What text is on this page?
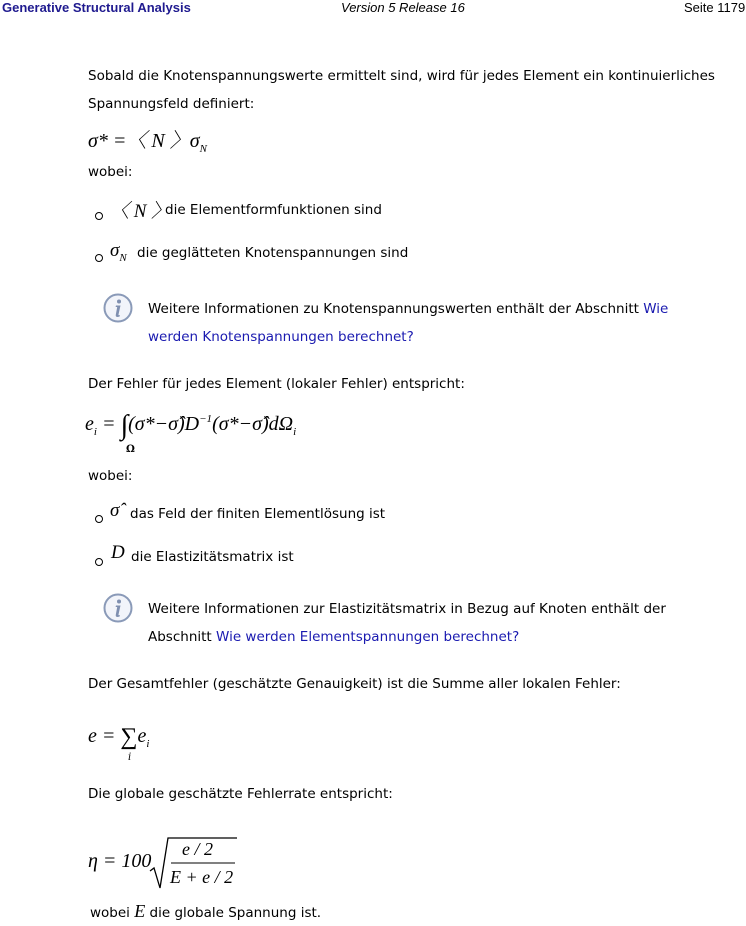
Generative Structural Analysis	Version 5 Release 16	Seite 1179
Sobald die Knotenspannungswerte ermittelt sind, wird für jedes Element ein kontinuierliches Spannungsfeld definiert:
σ* =〈 N 〉$\sigma_N$
wobei:
〈 N 〉
die Elementformfunktionen sind
$\sigma_N$ die geglätteten Knotenspannungen sind
Weitere Informationen zu Knotenspannungswerten enthält der Abschnitt Wie werden Knotenspannungen berechnet?
Der Fehler für jedes Element (lokaler Fehler) entspricht:
$e_i$ = $\int(\sigma*-\sigmâ)D^{-1}(\sigma*-\sigmâ)d\Omega_i$
Ω
wobei:
σ̂ das Feld der finiten Elementlösung ist
D die Elastizitätsmatrix ist
Weitere Informationen zur Elastizitätsmatrix in Bezug auf Knoten enthält der Abschnitt Wie werden Elementspannungen berechnet?
Der Gesamtfehler (geschätzte Genauigkeit) ist die Summe aller lokalen Fehler:
$e = \sum e_i$
i
Die globale geschätzte Fehlerrate entspricht:
η = 100
e / 2
E + e / 2
wobei E die globale Spannung ist.
